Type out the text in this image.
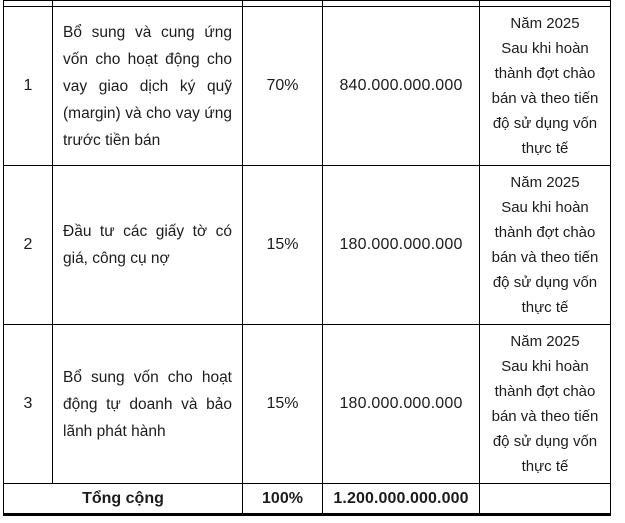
1	Bổ sung và cung ứng vốn cho hoạt động cho vay giao dịch ký quỹ (margin) và cho vay ứng trước tiền bán	70%	840.000.000.000	Năm 2025
Sau khi hoàn thành đợt chào bán và theo tiến độ sử dụng vốn thực tế

2	Đầu tư các giấy tờ có giá, công cụ nợ	15%	180.000.000.000	Năm 2025
Sau khi hoàn thành đợt chào bán và theo tiến độ sử dụng vốn thực tế

3	Bổ sung vốn cho hoạt động tự doanh và bảo lãnh phát hành	15%	180.000.000.000	Năm 2025
Sau khi hoàn thành đợt chào bán và theo tiến độ sử dụng vốn thực tế

Tổng cộng		100%	1.200.000.000.000	
